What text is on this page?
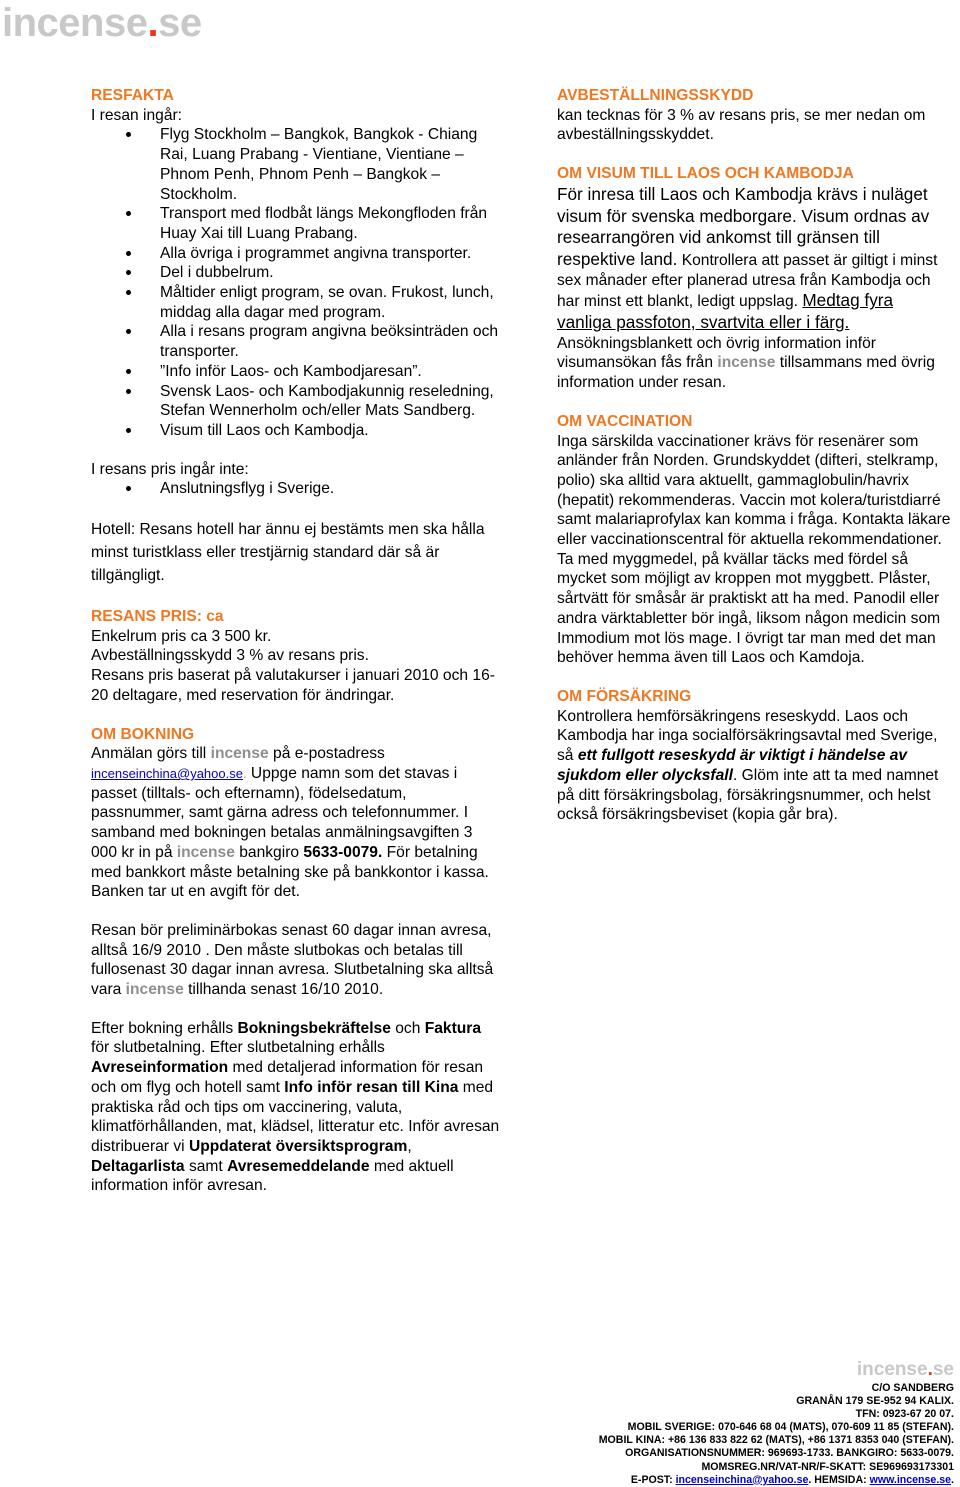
incense.se
RESFAKTA

I resan ingår:

Flyg Stockholm – Bangkok, Bangkok - Chiang Rai, Luang Prabang - Vientiane, Vientiane – Phnom Penh, Phnom Penh – Bangkok – Stockholm.
Transport med flodbåt längs Mekongfloden från Huay Xai till Luang Prabang.
Alla övriga i programmet angivna transporter.
Del i dubbelrum.
Måltider enligt program, se ovan. Frukost, lunch, middag alla dagar med program.
Alla i resans program angivna beöksinträden och transporter.
”Info inför Laos- och Kambodjaresan”.
Svensk Laos- och Kambodjakunnig reseledning, Stefan Wennerholm och/eller Mats Sandberg.
Visum till Laos och Kambodja.

I resans pris ingår inte:

Anslutningsflyg i Sverige.

Hotell: Resans hotell har ännu ej bestämts men ska hålla minst turistklass eller trestjärnig standard där så är tillgängligt.

RESANS PRIS: ca

Enkelrum pris ca 3 500 kr.

Avbeställningsskydd 3 % av resans pris.

Resans pris baserat på valutakurser i januari 2010 och 16-20 deltagare, med reservation för ändringar.

OM BOKNING

Anmälan görs till incense på e-postadress
incenseinchina@yahoo.se. Uppge namn som det stavas i passet (tilltals- och efternamn), födelsedatum, passnummer, samt gärna adress och telefonnummer. I samband med bokningen betalas anmälningsavgiften 3 000 kr in på incense bankgiro 5633-0079. För betalning med bankkort måste betalning ske på bankkontor i kassa. Banken tar ut en avgift för det.

Resan bör preliminärbokas senast 60 dagar innan avresa, alltså 16/9 2010 . Den måste slutbokas och betalas till fullosenast 30 dagar innan avresa. Slutbetalning ska alltså vara incense tillhanda senast 16/10 2010.

Efter bokning erhålls Bokningsbekräftelse och Faktura för slutbetalning. Efter slutbetalning erhålls Avreseinformation med detaljerad information för resan och om flyg och hotell samt Info inför resan till Kina med praktiska råd och tips om vaccinering, valuta, klimatförhållanden, mat, klädsel, litteratur etc. Inför avresan distribuerar vi Uppdaterat översiktsprogram, Deltagarlista samt Avresemeddelande med aktuell information inför avresan.

AVBESTÄLLNINGSSKYDD

kan tecknas för 3 % av resans pris, se mer nedan om avbeställningsskyddet.

OM VISUM TILL LAOS OCH KAMBODJA

För inresa till Laos och Kambodja krävs i nuläget visum för svenska medborgare. Visum ordnas av researrangören vid ankomst till gränsen till respektive land. Kontrollera att passet är giltigt i minst sex månader efter planerad utresa från Kambodja och har minst ett blankt, ledigt uppslag. Medtag fyra vanliga passfoton, svartvita eller i färg. Ansökningsblankett och övrig information inför visumansökan fås från incense tillsammans med övrig information under resan.

OM VACCINATION

Inga särskilda vaccinationer krävs för resenärer som anländer från Norden. Grundskyddet (difteri, stelkramp, polio) ska alltid vara aktuellt, gammaglobulin/havrix (hepatit) rekommenderas. Vaccin mot kolera/turistdiarré samt malariaprofylax kan komma i fråga. Kontakta läkare eller vaccinationscentral för aktuella rekommendationer. Ta med myggmedel, på kvällar täcks med fördel så mycket som möjligt av kroppen mot myggbett. Plåster, sårtvätt för småsår är praktiskt att ha med. Panodil eller andra värktabletter bör ingå, liksom någon medicin som Immodium mot lös mage. I övrigt tar man med det man behöver hemma även till Laos och Kamdoja.

OM FÖRSÄKRING

Kontrollera hemförsäkringens reseskydd. Laos och Kambodja har inga socialförsäkringsavtal med Sverige, så ett fullgott reseskydd är viktigt i händelse av sjukdom eller olycksfall. Glöm inte att ta med namnet på ditt försäkringsbolag, försäkringsnummer, och helst också försäkringsbeviset (kopia går bra).

incense.se
C/O SANDBERG
GRANÅN 179 SE-952 94 KALIX.
TFN: 0923-67 20 07.
MOBIL SVERIGE: 070-646 68 04 (MATS), 070-609 11 85 (STEFAN).
MOBIL KINA: +86 136 833 822 62 (MATS), +86 1371 8353 040 (STEFAN).
ORGANISATIONSNUMMER: 969693-1733. BANKGIRO: 5633-0079.
MOMSREG.NR/VAT-NR/F-SKATT: SE969693173301
E-POST: incenseinchina@yahoo.se. HEMSIDA: www.incense.se.
